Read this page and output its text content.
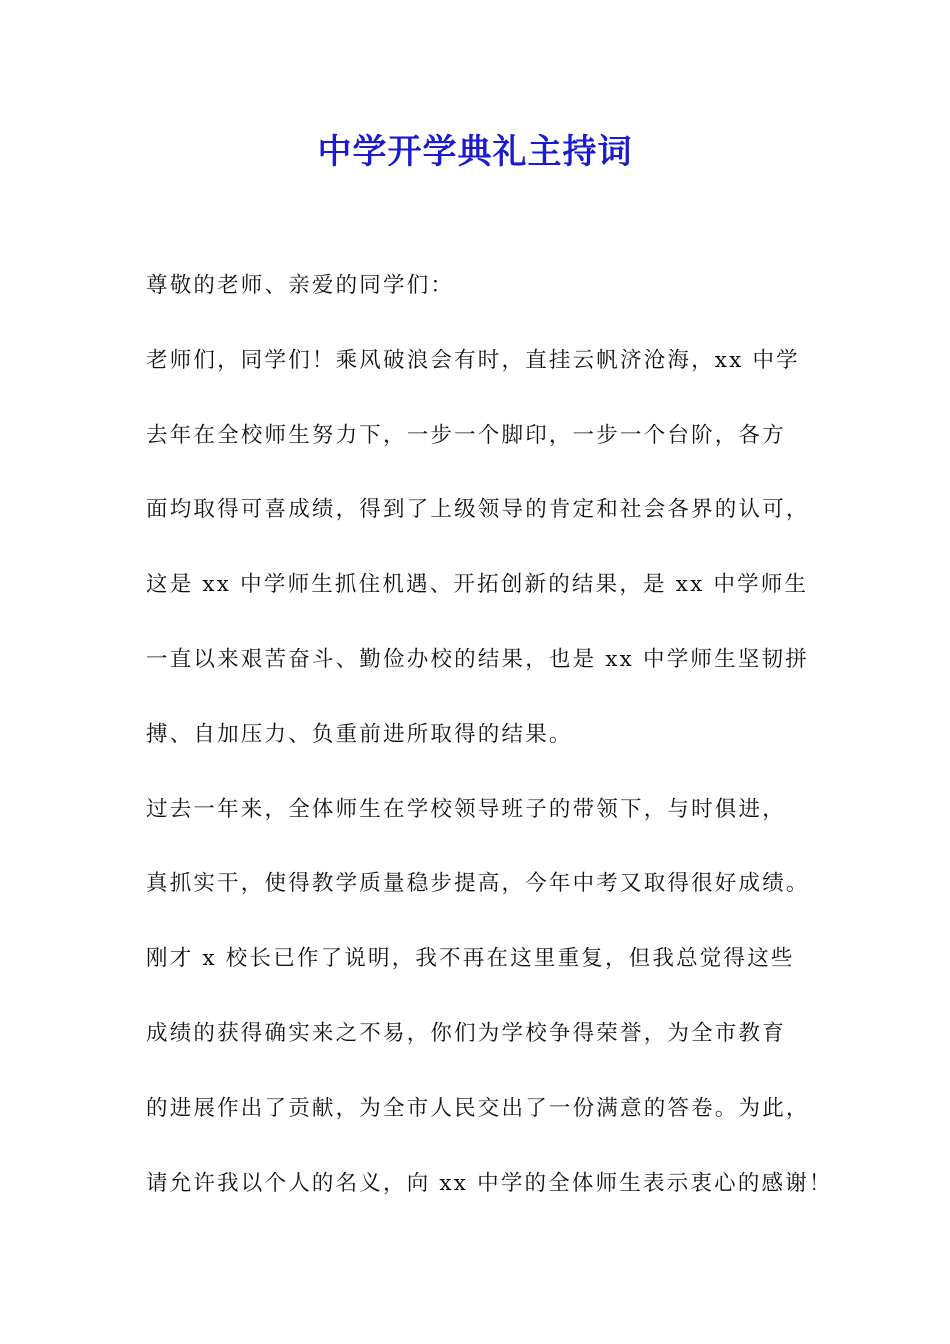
中学开学典礼主持词
尊敬的老师、亲爱的同学们：
老师们，同学们！乘风破浪会有时，直挂云帆济沧海，xx 中学
去年在全校师生努力下，一步一个脚印，一步一个台阶，各方
面均取得可喜成绩，得到了上级领导的肯定和社会各界的认可，
这是 xx 中学师生抓住机遇、开拓创新的结果，是 xx 中学师生
一直以来艰苦奋斗、勤俭办校的结果，也是 xx 中学师生坚韧拼
搏、自加压力、负重前进所取得的结果。
过去一年来，全体师生在学校领导班子的带领下，与时俱进，
真抓实干，使得教学质量稳步提高，今年中考又取得很好成绩。
刚才 x 校长已作了说明，我不再在这里重复，但我总觉得这些
成绩的获得确实来之不易，你们为学校争得荣誉，为全市教育
的进展作出了贡献，为全市人民交出了一份满意的答卷。为此，
请允许我以个人的名义，向 xx 中学的全体师生表示衷心的感谢！
